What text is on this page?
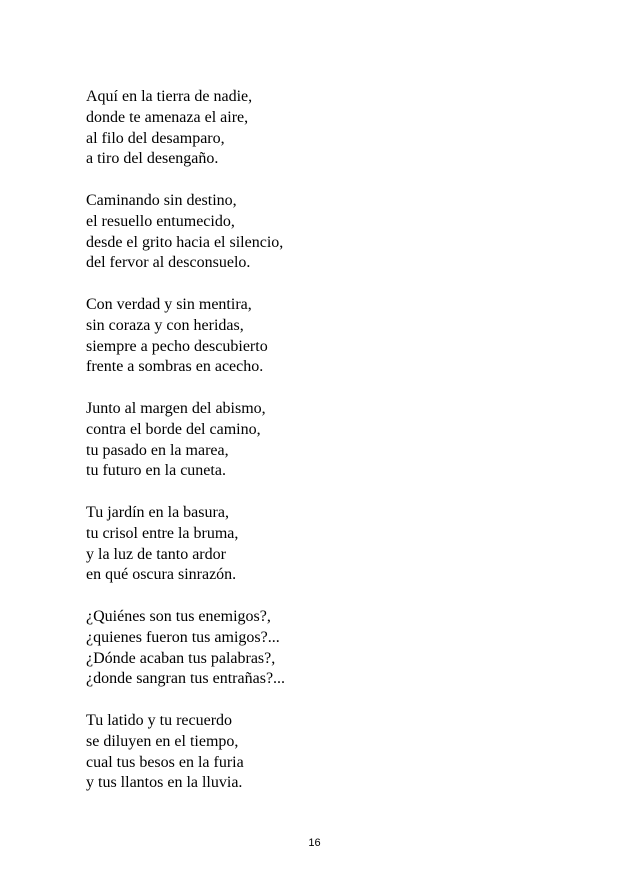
Aquí en la tierra de nadie,
donde te amenaza el aire,
al filo del desamparo,
a tiro del desengaño.
Caminando sin destino,
el resuello entumecido,
desde el grito hacia el silencio,
del fervor al desconsuelo.
Con verdad y sin mentira,
sin coraza y con heridas,
siempre a pecho descubierto
frente a sombras en acecho.
Junto al margen del abismo,
contra el borde del camino,
tu pasado en la marea,
tu futuro en la cuneta.
Tu jardín en la basura,
tu crisol entre la bruma,
y la luz de tanto ardor
en qué oscura sinrazón.
¿Quiénes son tus enemigos?,
¿quienes fueron tus amigos?...
¿Dónde acaban tus palabras?,
¿donde sangran tus entrañas?...
Tu latido y tu recuerdo
se diluyen en el tiempo,
cual tus besos en la furia
y tus llantos en la lluvia.
16
